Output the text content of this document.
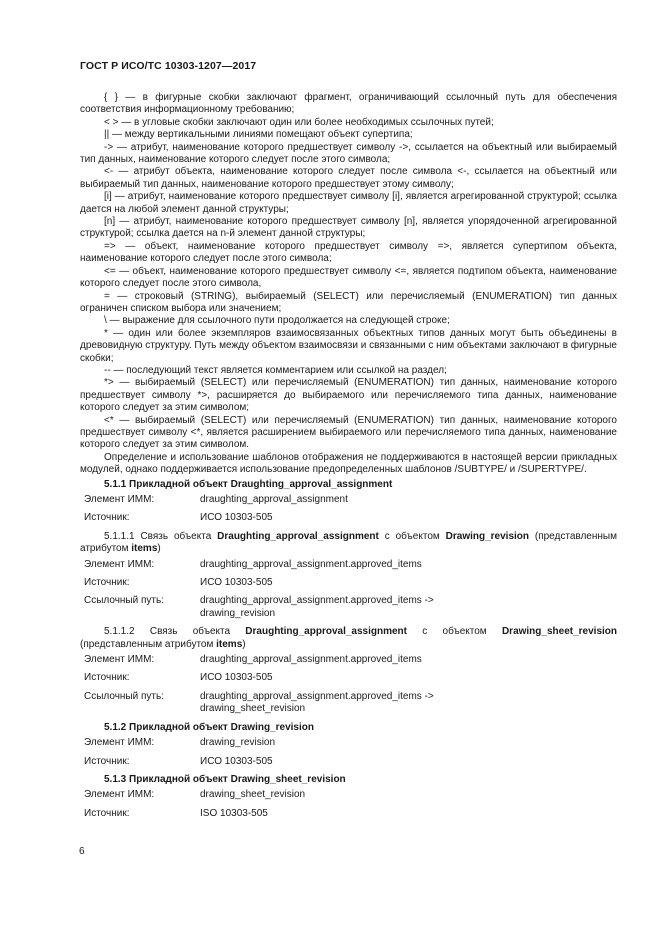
ГОСТ Р ИСО/ТС 10303-1207—2017

{ } — в фигурные скобки заключают фрагмент, ограничивающий ссылочный путь для обеспечения соответствия информационному требованию;

< > — в угловые скобки заключают один или более необходимых ссылочных путей;

|| — между вертикальными линиями помещают объект супертипа;

-> — атрибут, наименование которого предшествует символу ->, ссылается на объектный или выбираемый тип данных, наименование которого следует после этого символа;

<- — атрибут объекта, наименование которого следует после символа <-, ссылается на объектный или выбираемый тип данных, наименование которого предшествует этому символу;

[i] — атрибут, наименование которого предшествует символу [i], является агрегированной структурой; ссылка дается на любой элемент данной структуры;

[n] — атрибут, наименование которого предшествует символу [n], является упорядоченной агрегированной структурой; ссылка дается на n-й элемент данной структуры;

=> — объект, наименование которого предшествует символу =>, является супертипом объекта, наименование которого следует после этого символа;

<= — объект, наименование которого предшествует символу <=, является подтипом объекта, наименование которого следует после этого символа,

= — строковый (STRING), выбираемый (SELECT) или перечисляемый (ENUMERATION) тип данных ограничен списком выбора или значением;

\ — выражение для ссылочного пути продолжается на следующей строке;

* — один или более экземпляров взаимосвязанных объектных типов данных могут быть объединены в древовидную структуру. Путь между объектом взаимосвязи и связанными с ним объектами заключают в фигурные скобки;

-- — последующий текст является комментарием или ссылкой на раздел;

*> — выбираемый (SELECT) или перечисляемый (ENUMERATION) тип данных, наименование которого предшествует символу *>, расширяется до выбираемого или перечисляемого типа данных, наименование которого следует за этим символом;

<* — выбираемый (SELECT) или перечисляемый (ENUMERATION) тип данных, наименование которого предшествует символу <*, является расширением выбираемого или перечисляемого типа данных, наименование которого следует за этим символом.

Определение и использование шаблонов отображения не поддерживаются в настоящей версии прикладных модулей, однако поддерживается использование предопределенных шаблонов /SUBTYPE/ и /SUPERTYPE/.

5.1.1 Прикладной объект Draughting_approval_assignment
Элемент ИММ:	draughting_approval_assignment
Источник:	ИСО 10303-505

5.1.1.1 Связь объекта Draughting_approval_assignment с объектом Drawing_revision (представленным атрибутом items)

Элемент ИММ:	draughting_approval_assignment.approved_items
Источник:	ИСО 10303-505
Ссылочный путь:	draughting_approval_assignment.approved_items ->
drawing_revision

5.1.1.2 Связь объекта Draughting_approval_assignment с объектом Drawing_sheet_revision (представленным атрибутом items)

Элемент ИММ:	draughting_approval_assignment.approved_items
Источник:	ИСО 10303-505
Ссылочный путь:	draughting_approval_assignment.approved_items ->
drawing_sheet_revision
5.1.2 Прикладной объект Drawing_revision
Элемент ИММ:	drawing_revision
Источник:	ИСО 10303-505
5.1.3 Прикладной объект Drawing_sheet_revision
Элемент ИММ:	drawing_sheet_revision
Источник:	ISO 10303-505
6
